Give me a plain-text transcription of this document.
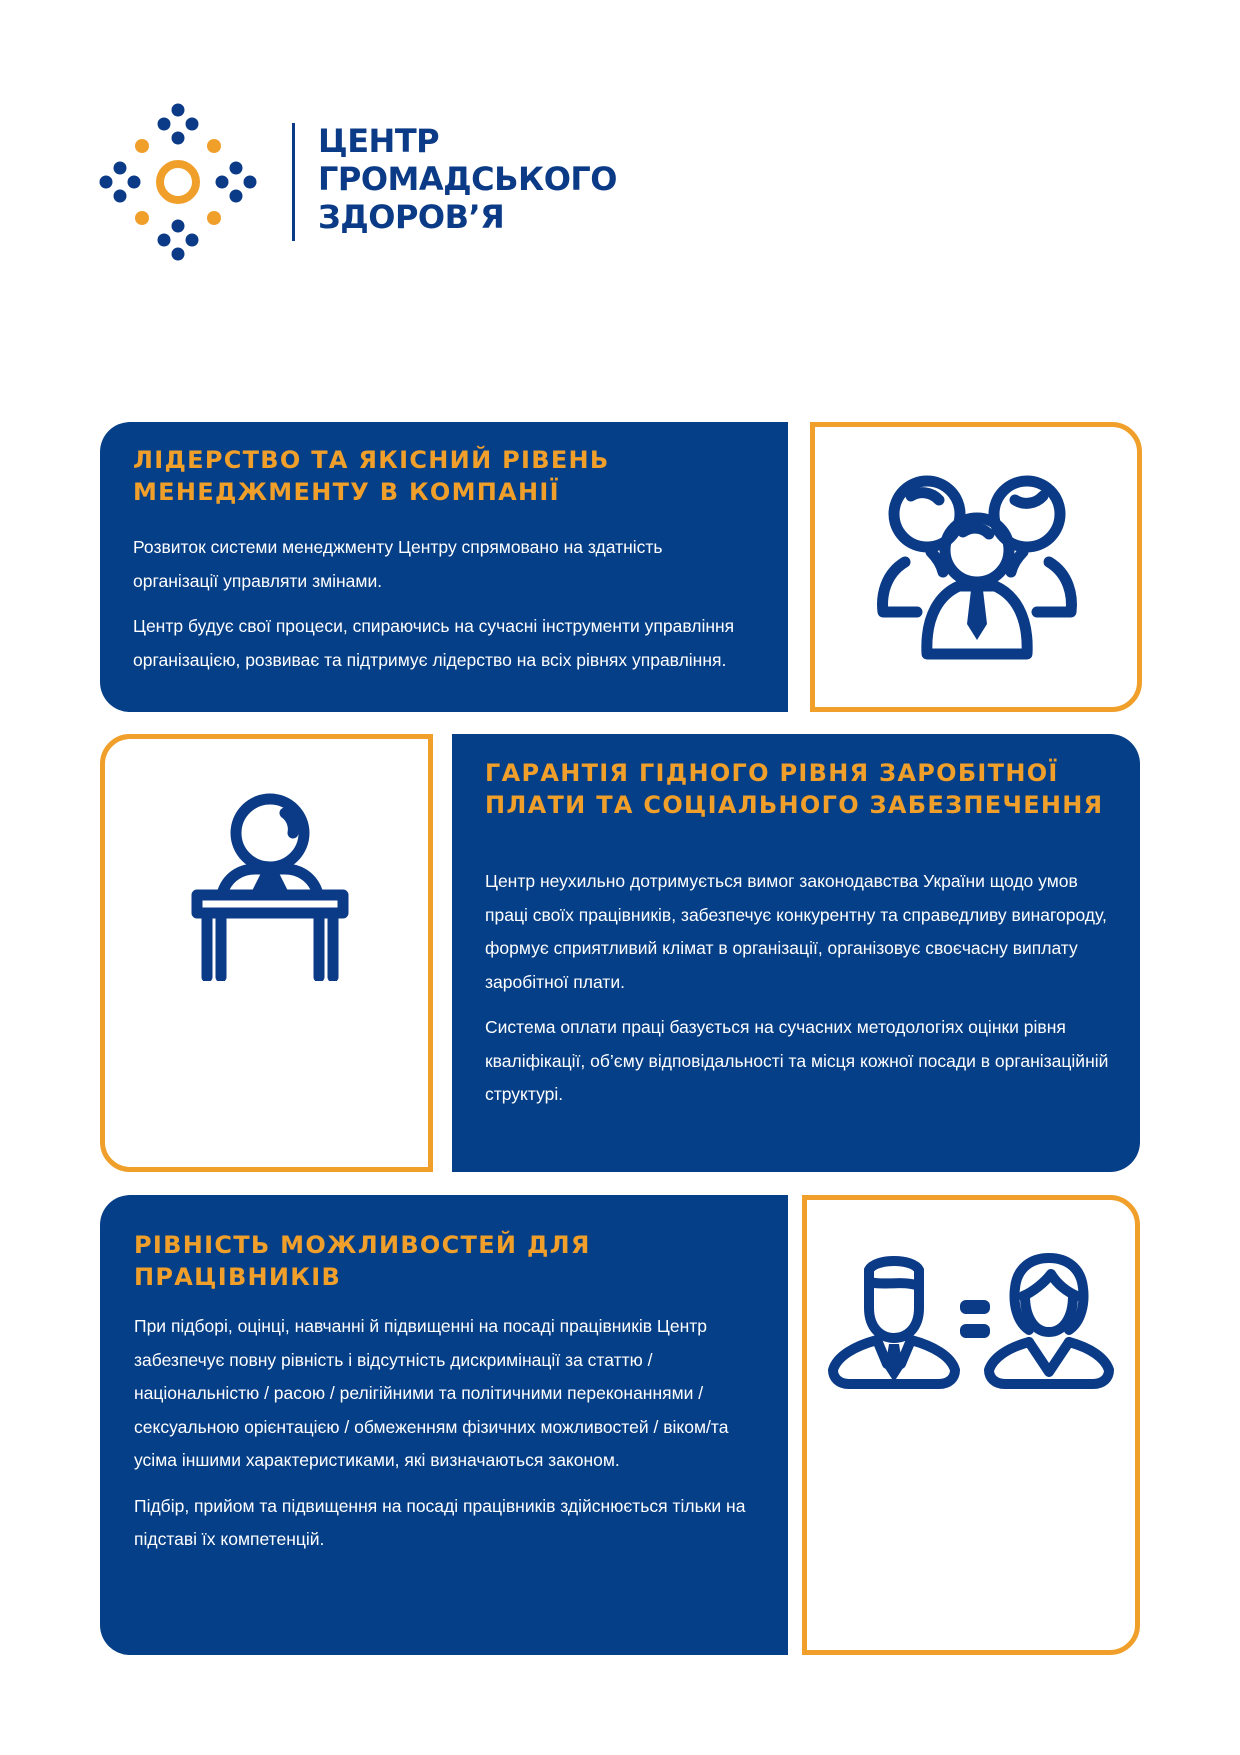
ЦЕНТР
ГРОМАДСЬКОГО
ЗДОРОВ’Я
ЛІДЕРСТВО ТА ЯКІСНИЙ РІВЕНЬ МЕНЕДЖМЕНТУ В КОМПАНІЇ

Розвиток системи менеджменту Центру спрямовано на здатність організації управляти змінами.

Центр будує свої процеси, спираючись на сучасні інструменти управління організацією, розвиває та підтримує лідерство на всіх рівнях управління.

ГАРАНТІЯ ГІДНОГО РІВНЯ ЗАРОБІТНОЇ ПЛАТИ ТА СОЦІАЛЬНОГО ЗАБЕЗПЕЧЕННЯ

Центр неухильно дотримується вимог законодавства України щодо умов праці своїх працівників, забезпечує конкурентну та справедливу винагороду, формує сприятливий клімат в організації, організовує своєчасну виплату заробітної плати.

Система оплати праці базується на сучасних методологіях оцінки рівня кваліфікації, об’єму відповідальності та місця кожної посади в організаційній структурі.

РІВНІСТЬ МОЖЛИВОСТЕЙ ДЛЯ ПРАЦІВНИКІВ

При підборі, оцінці, навчанні й підвищенні на посаді працівників Центр забезпечує повну рівність і відсутність дискримінації за статтю / національністю / расою / релігійними та політичними переконаннями / сексуальною орієнтацією / обмеженням фізичних можливостей / віком/та усіма іншими характеристиками, які визначаються законом.

Підбір, прийом та підвищення на посаді працівників здійснюється тільки на підставі їх компетенцій.
